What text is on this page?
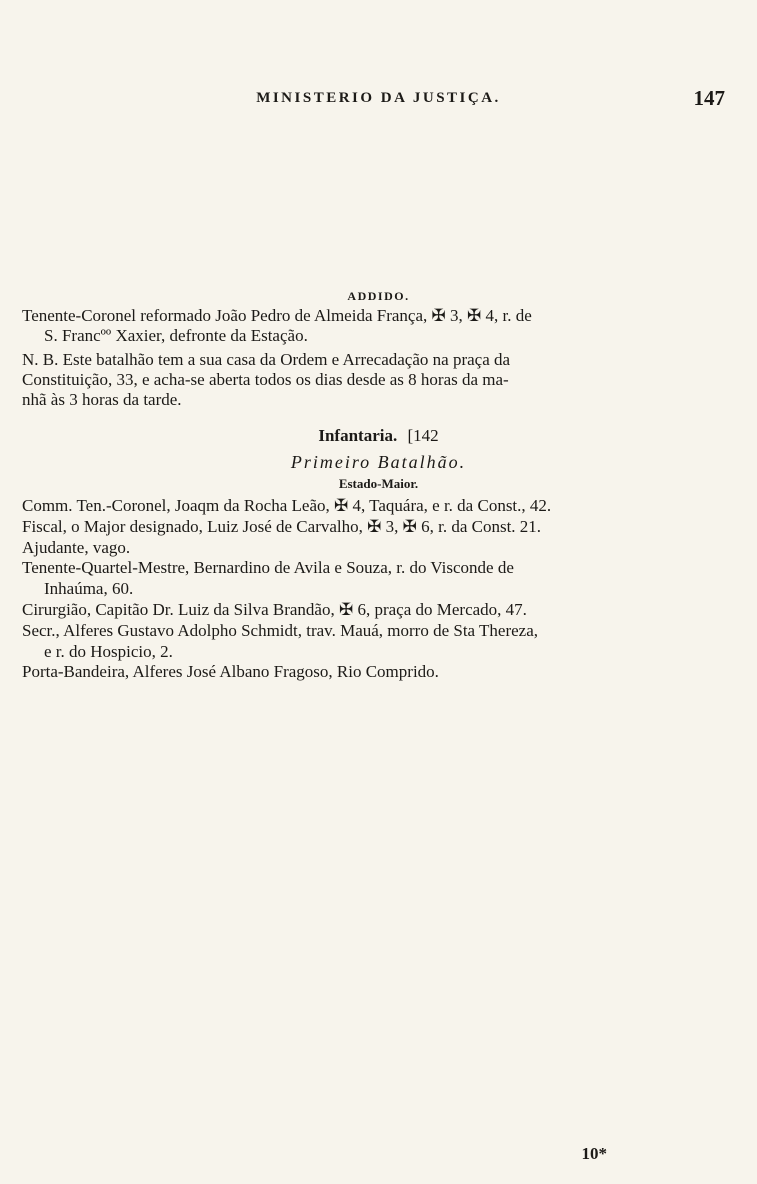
MINISTERIO DA JUSTIÇA.	147
ADDIDO.
Tenente-Coronel reformado João Pedro de Almeida França, ✠ 3, ✠ 4, r. de
S. Francºº Xaxier, defronte da Estação.
N. B. Este batalhão tem a sua casa da Ordem e Arrecadação na praça da
Constituição, 33, e acha-se aberta todos os dias desde as 8 horas da ma-
nhã às 3 horas da tarde.
Infantaria. [142
Primeiro Batalhão.
Estado-Maior.
Comm. Ten.-Coronel, Joaqm da Rocha Leão, ✠ 4, Taquára, e r. da Const., 42.
Fiscal, o Major designado, Luiz José de Carvalho, ✠ 3, ✠ 6, r. da Const. 21.
Ajudante, vago.
Tenente-Quartel-Mestre, Bernardino de Avila e Souza, r. do Visconde de
Inhaúma, 60.
Cirurgião, Capitão Dr. Luiz da Silva Brandão, ✠ 6, praça do Mercado, 47.
Secr., Alferes Gustavo Adolpho Schmidt, trav. Mauá, morro de Sta Thereza,
e r. do Hospicio, 2.
Porta-Bandeira, Alferes José Albano Fragoso, Rio Comprido.
10*
